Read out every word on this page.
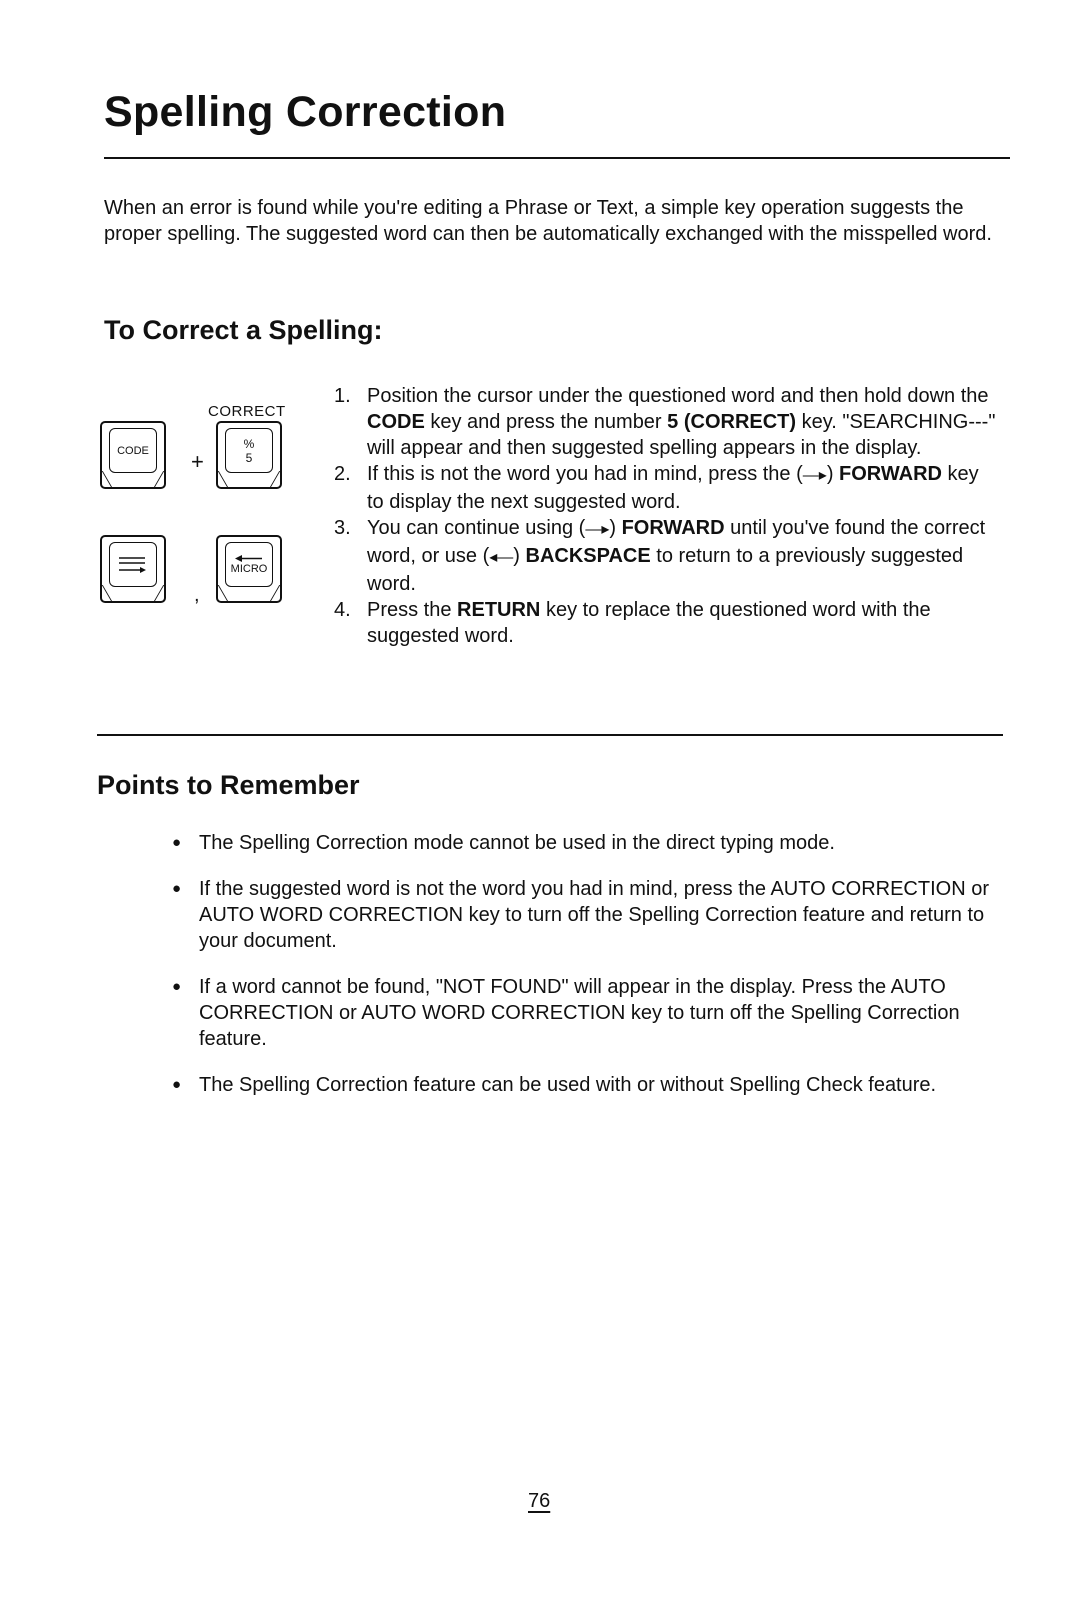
Spelling Correction

When an error is found while you're editing a Phrase or Text, a simple key operation suggests the proper spelling. The suggested word can then be automatically exchanged with the misspelled word.

To Correct a Spelling:
CORRECT
CODE +
%
5
,
MICRO
1. Position the cursor under the questioned word and then hold down the CODE key and press the number 5 (CORRECT) key. "SEARCHING---" will appear and then suggested spelling appears in the display.
2. If this is not the word you had in mind, press the (—▸) FORWARD key to display the next suggested word.
3. You can continue using (—▸) FORWARD until you've found the correct word, or use (◂—) BACKSPACE to return to a previously suggested word.
4. Press the RETURN key to replace the questioned word with the suggested word.
Points to Remember
● The Spelling Correction mode cannot be used in the direct typing mode.
● If the suggested word is not the word you had in mind, press the AUTO CORRECTION or AUTO WORD CORRECTION key to turn off the Spelling Correction feature and return to your document.
● If a word cannot be found, "NOT FOUND" will appear in the display. Press the AUTO CORRECTION or AUTO WORD CORRECTION key to turn off the Spelling Correction feature.
● The Spelling Correction feature can be used with or without Spelling Check feature.
76
